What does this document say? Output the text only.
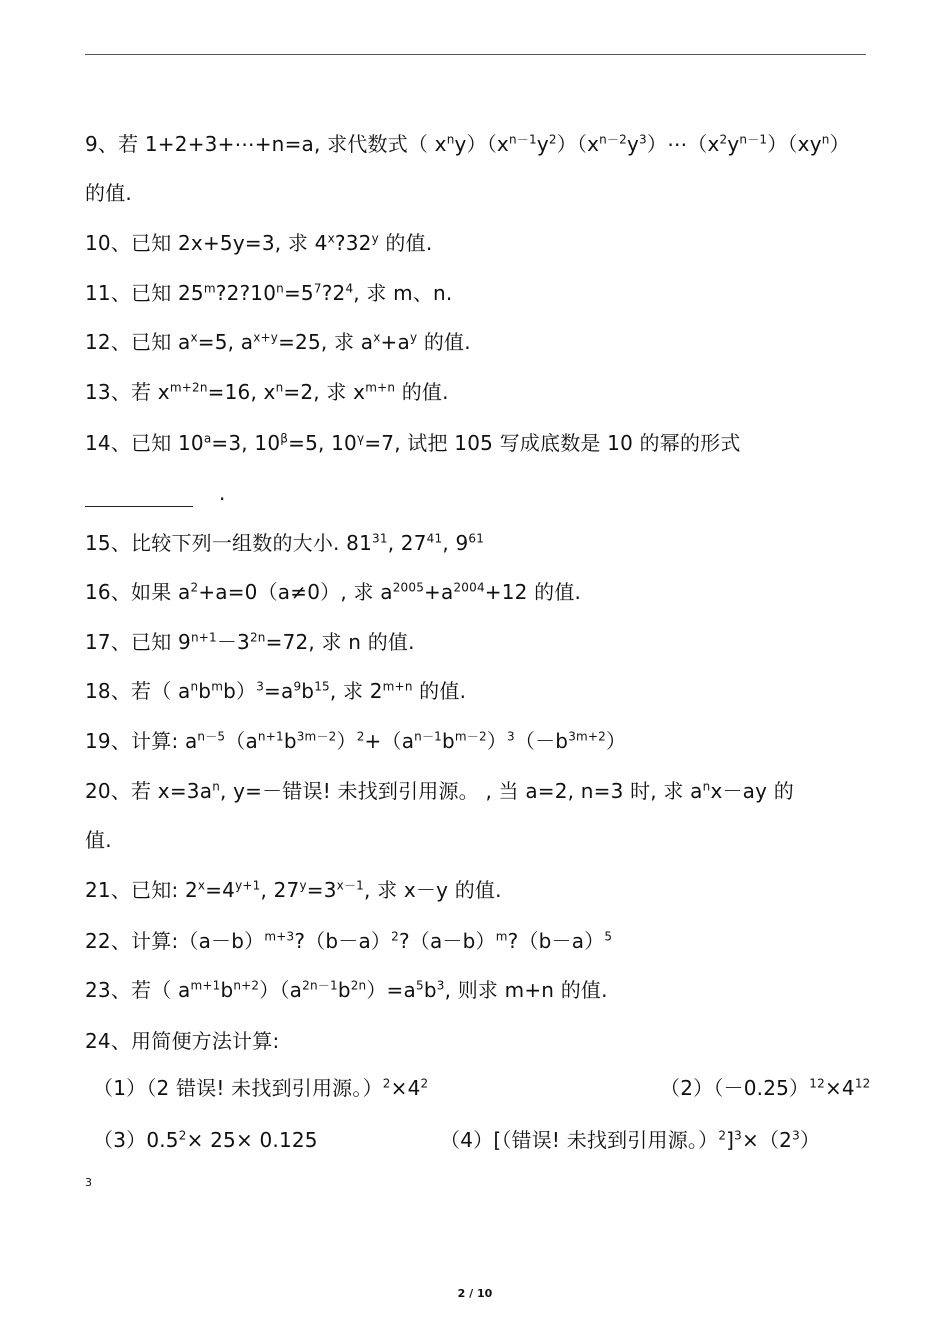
9、若 1+2+3+⋯+n=a, 求代数式（ $x^ny)(x^{n-1}y^2)(x^{n-2}y^3)\cdots(x^2y^{n-1})(xy^n)$
的值.
10、已知 2x+5y=3, 求 4$^x$?32$^y$ 的值.
11、已知 $25^m?2?10^n=5^7?2^4$, 求 m、n.
12、已知 $a^x=5$, $a^{x+y}=25$, 求 $a^x+a^y$ 的值.
13、若 $x^{m+2n}=16$, $x^n=2$, 求 $x^{m+n}$ 的值.
14、已知 $10^a=3$, $10^\beta=5$, $10^\gamma=7$, 试把 105 写成底数是 10 的幂的形式
.
15、比较下列一组数的大小. $81^{31}$, $27^{41}$, $9^{61}$
16、如果 $a^2+a=0(a\ne 0)$, 求 $a^{2005}+a^{2004}+12$ 的值.
17、已知 $9^{n+1}-3^{2n}=72$, 求 n 的值.
18、若（ $a^nb^mb)^3=a^9b^{15}$, 求 $2^{m+n}$ 的值.
19、计算: $a^{n-5}(a^{n+1}b^{3m-2})^2+(a^{n-1}b^{m-2})^3(-b^{3m+2})$
20、若 $x=3a^n$, y=－错误! 未找到引用源。 , 当 a=2, n=3 时, 求 $a^nx-ay$ 的
值.
21、已知: $2^x=4^{y+1}$, $27^y=3^{x-1}$, 求 x－y 的值.
22、计算$:(a-b)^{m+3}?(b-a)^2?(a-b)^m?(b-a)^5$
23、若（ $a^{m+1}b^{n+2})(a^{2n-1}b^{2n})=a^5b^3$, 则求 m+n 的值.
24、用简便方法计算:
（1）（2 错误! 未找到引用源。）$^2\times 4^2$	$(2)(-0.25)^{12}\times 4^{12}$
$(3)0.5^2\times 25\times 0.125$	（4）[（错误! 未找到引用源。）$^2]^3\times(2^3)$
3
2 / 10
